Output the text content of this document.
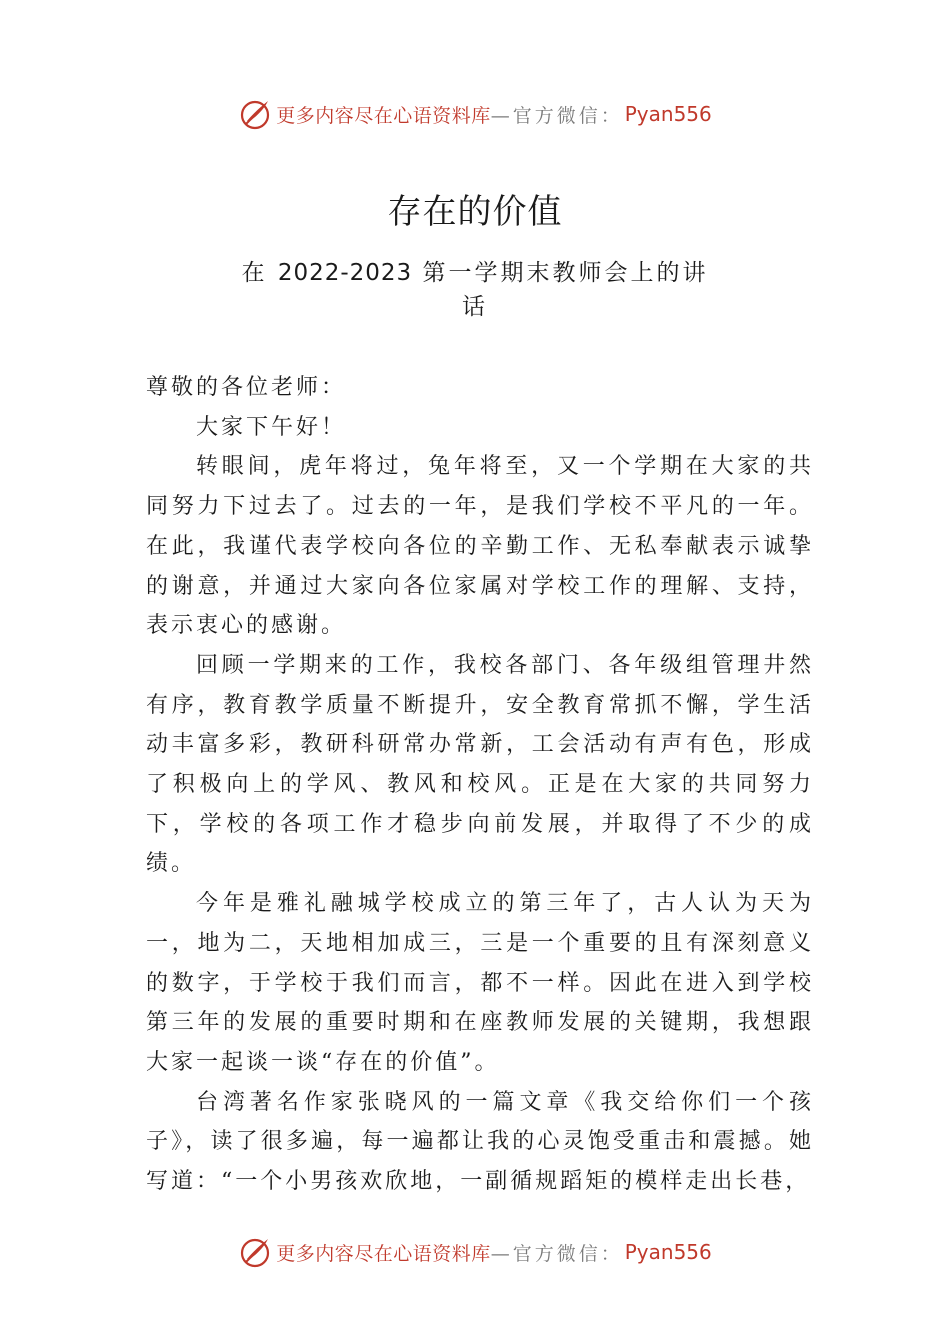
更多内容尽在心语资料库 —官方微信： Pyan556
存在的价值

在 2022-2023 第一学期末教师会上的讲话

尊敬的各位老师：

大家下午好！

转眼间，虎年将过，兔年将至，又一个学期在大家的共同努力下过去了。过去的一年，是我们学校不平凡的一年。 在此，我谨代表学校向各位的辛勤工作、无私奉献表示诚挚的谢意，并通过大家向各位家属对学校工作的理解、支持， 表示衷心的感谢。

回顾一学期来的工作，我校各部门、各年级组管理井然有序，教育教学质量不断提升，安全教育常抓不懈，学生活动丰富多彩，教研科研常办常新，工会活动有声有色，形成了积极向上的学风、教风和校风。正是在大家的共同努力下，学校的各项工作才稳步向前发展，并取得了不少的成绩。

今年是雅礼融城学校成立的第三年了，古人认为天为一，地为二，天地相加成三，三是一个重要的且有深刻意义的数字，于学校于我们而言，都不一样。因此在进入到学校第三年的发展的重要时期和在座教师发展的关键期，我想跟大家一起谈一谈“存在的价值”。

台湾著名作家张晓风的一篇文章《我交给你们一个孩子》，读了很多遍，每一遍都让我的心灵饱受重击和震撼。她写道：“一个小男孩欢欣地，一副循规蹈矩的模样走出长巷，

更多内容尽在心语资料库 —官方微信： Pyan556
